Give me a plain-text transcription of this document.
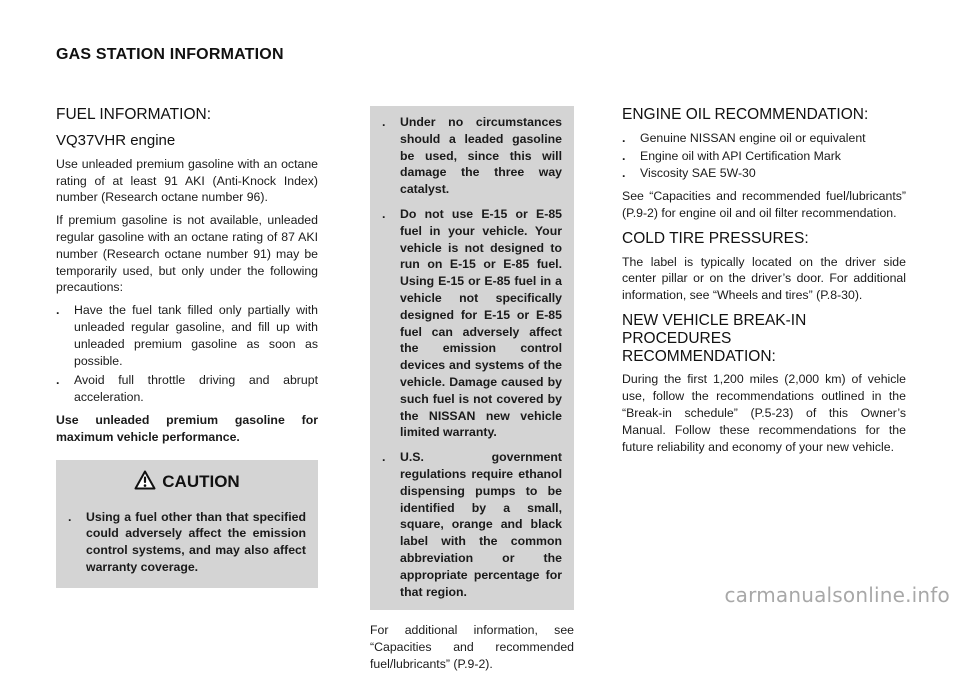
GAS STATION INFORMATION
FUEL INFORMATION:
VQ37VHR engine

Use unleaded premium gasoline with an octane rating of at least 91 AKI (Anti-Knock Index) number (Research octane number 96).

If premium gasoline is not available, unleaded regular gasoline with an octane rating of 87 AKI number (Research octane number 91) may be temporarily used, but only under the following precautions:

. Have the fuel tank filled only partially with unleaded regular gasoline, and fill up with unleaded premium gasoline as soon as possible.
. Avoid full throttle driving and abrupt acceleration.

Use unleaded premium gasoline for maximum vehicle performance.

CAUTION
. Using a fuel other than that specified could adversely affect the emission control systems, and may also affect warranty coverage.
. Under no circumstances should a leaded gasoline be used, since this will damage the three way catalyst.
. Do not use E-15 or E-85 fuel in your vehicle. Your vehicle is not designed to run on E-15 or E-85 fuel. Using E-15 or E-85 fuel in a vehicle not specifically designed for E-15 or E-85 fuel can adversely affect the emission control devices and systems of the vehicle. Damage caused by such fuel is not covered by the NISSAN new vehicle limited warranty.
. U.S. government regulations require ethanol dispensing pumps to be identified by a small, square, orange and black label with the common abbreviation or the appropriate percentage for that region.

For additional information, see “Capacities and recommended fuel/lubricants” (P.9-2).

ENGINE OIL RECOMMENDATION:
. Genuine NISSAN engine oil or equivalent
. Engine oil with API Certification Mark
. Viscosity SAE 5W-30

See “Capacities and recommended fuel/lubricants” (P.9-2) for engine oil and oil filter recommendation.

COLD TIRE PRESSURES:

The label is typically located on the driver side center pillar or on the driver’s door. For additional information, see “Wheels and tires” (P.8-30).

NEW VEHICLE BREAK-IN PROCEDURES RECOMMENDATION:

During the first 1,200 miles (2,000 km) of vehicle use, follow the recommendations outlined in the “Break-in schedule” (P.5-23) of this Owner’s Manual. Follow these recommendations for the future reliability and economy of your new vehicle.

carmanualsonline.info
